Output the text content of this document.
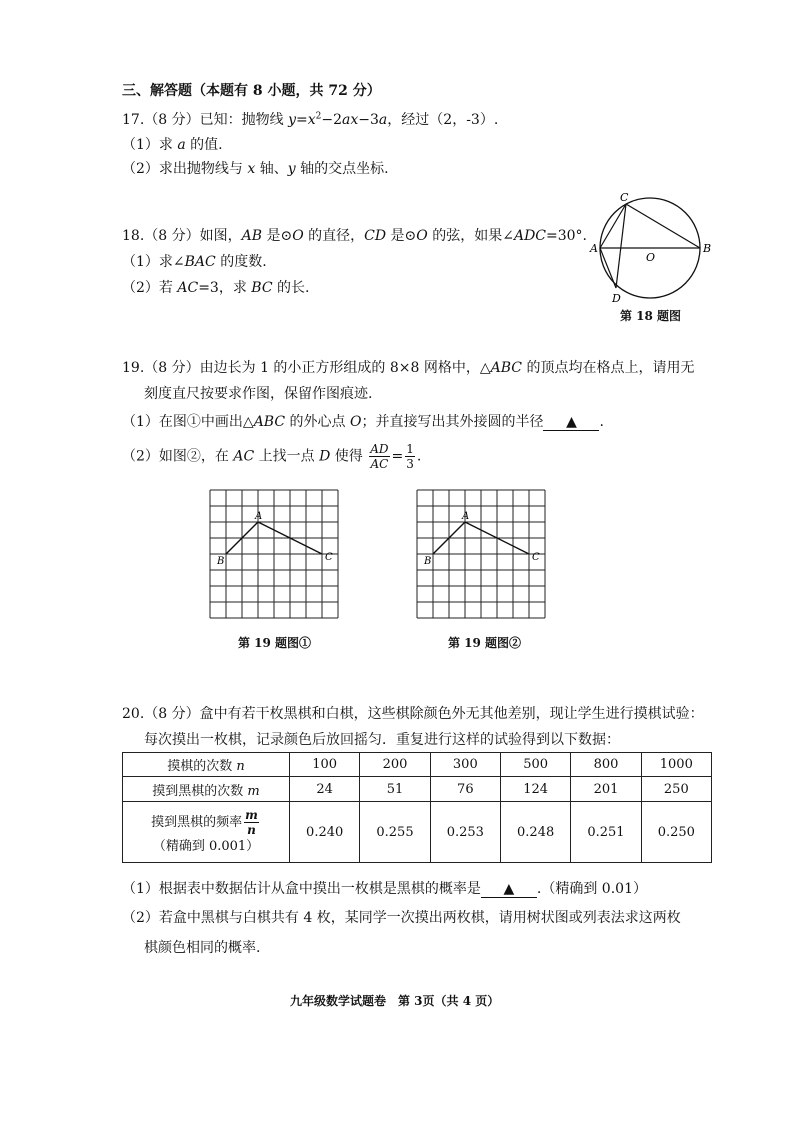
三、解答题（本题有 8 小题，共 72 分）
17.（8 分）已知：抛物线 $y=x^2-2ax-3a$，经过（2，-3）.
（1）求 a 的值.
（2）求出抛物线与 x 轴、y 轴的交点坐标.
18.（8 分）如图，AB 是⊙O 的直径，CD 是⊙O 的弦，如果∠ADC=30°.
（1）求∠BAC 的度数.
（2）若 AC=3，求 BC 的长.
C
A	B
D
O
第 18 题图
19.（8 分）由边长为 1 的小正方形组成的 8×8 网格中，△ABC 的顶点均在格点上，请用无
刻度直尺按要求作图，保留作图痕迹.
（1）在图①中画出△ABC 的外心点 O；并直接写出其外接圆的半径 ▲ .
（2）如图②，在 AC 上找一点 D 使得 $\frac{AD}{AC} = \frac{1}{3}$ .
A
B	C
第 19 题图①
A
B	C
第 19 题图②
20.（8 分）盒中有若干枚黑棋和白棋，这些棋除颜色外无其他差别，现让学生进行摸棋试验：
每次摸出一枚棋，记录颜色后放回摇匀．重复进行这样的试验得到以下数据：
摸棋的次数 n	100	200	300	500	800	1000
摸到黑棋的次数 m	24	51	76	124	201	250
摸到黑棋的频率 $\frac{m}{n}$

（精确到 0.001）	0.240	0.255	0.253	0.248	0.251	0.250
（1）根据表中数据估计从盒中摸出一枚棋是黑棋的概率是 ▲ .（精确到 0.01）
（2）若盒中黑棋与白棋共有 4 枚，某同学一次摸出两枚棋，请用树状图或列表法求这两枚
棋颜色相同的概率.
九年级数学试题卷　第 3页（共 4 页）
